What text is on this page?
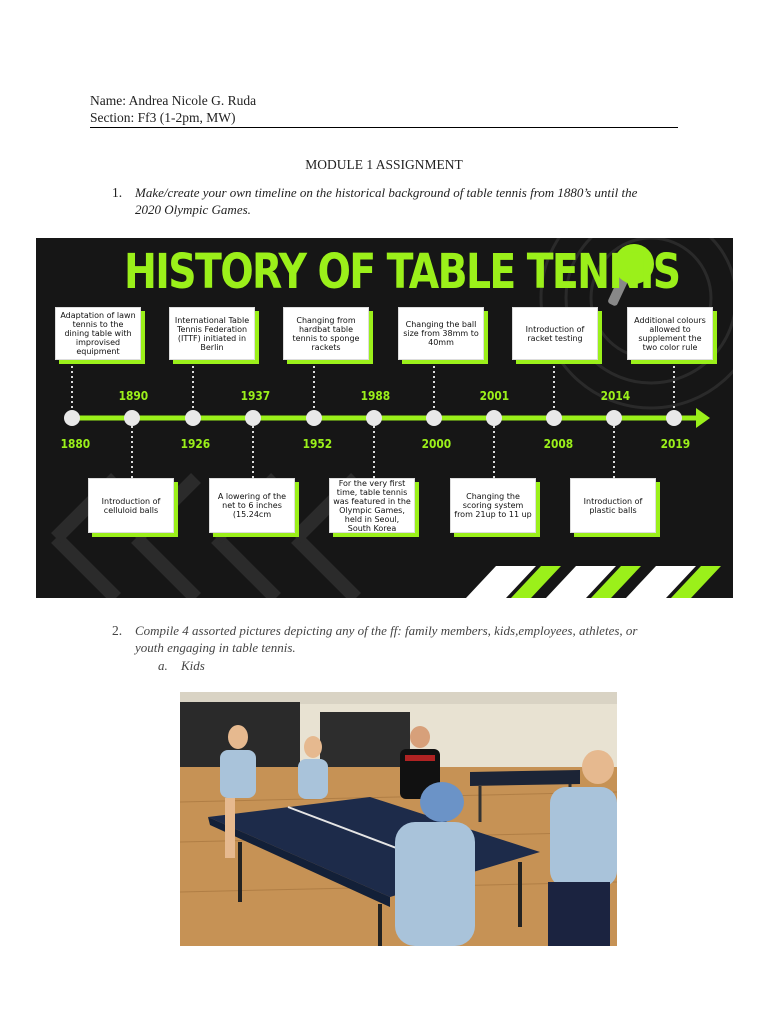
Name: Andrea Nicole G. Ruda
Section: Ff3 (1-2pm, MW)
MODULE 1 ASSIGNMENT
1. Make/create your own timeline on the historical background of table tennis from 1880’s until the
2020 Olympic Games.
HISTORY OF TABLE TENNIS
Adaptation of lawn tennis to the dining table with improvised equipment
International Table Tennis Federation (ITTF) initiated in Berlin
Changing from hardbat table tennis to sponge rackets
Changing the ball size from 38mm to 40mm
Introduction of racket testing
Additional colours allowed to supplement the two color rule
1890	1937	1988	2001	2014
1880	1926	1952	2000	2008	2019
Introduction of celluloid balls
A lowering of the net to 6 inches (15.24cm
For the very first time, table tennis was featured in the Olympic Games, held in Seoul, South Korea
Changing the scoring system from 21up to 11 up
Introduction of plastic balls
2. Compile 4 assorted pictures depicting any of the ff: family members, kids,employees, athletes, or
youth engaging in table tennis.
a. Kids
